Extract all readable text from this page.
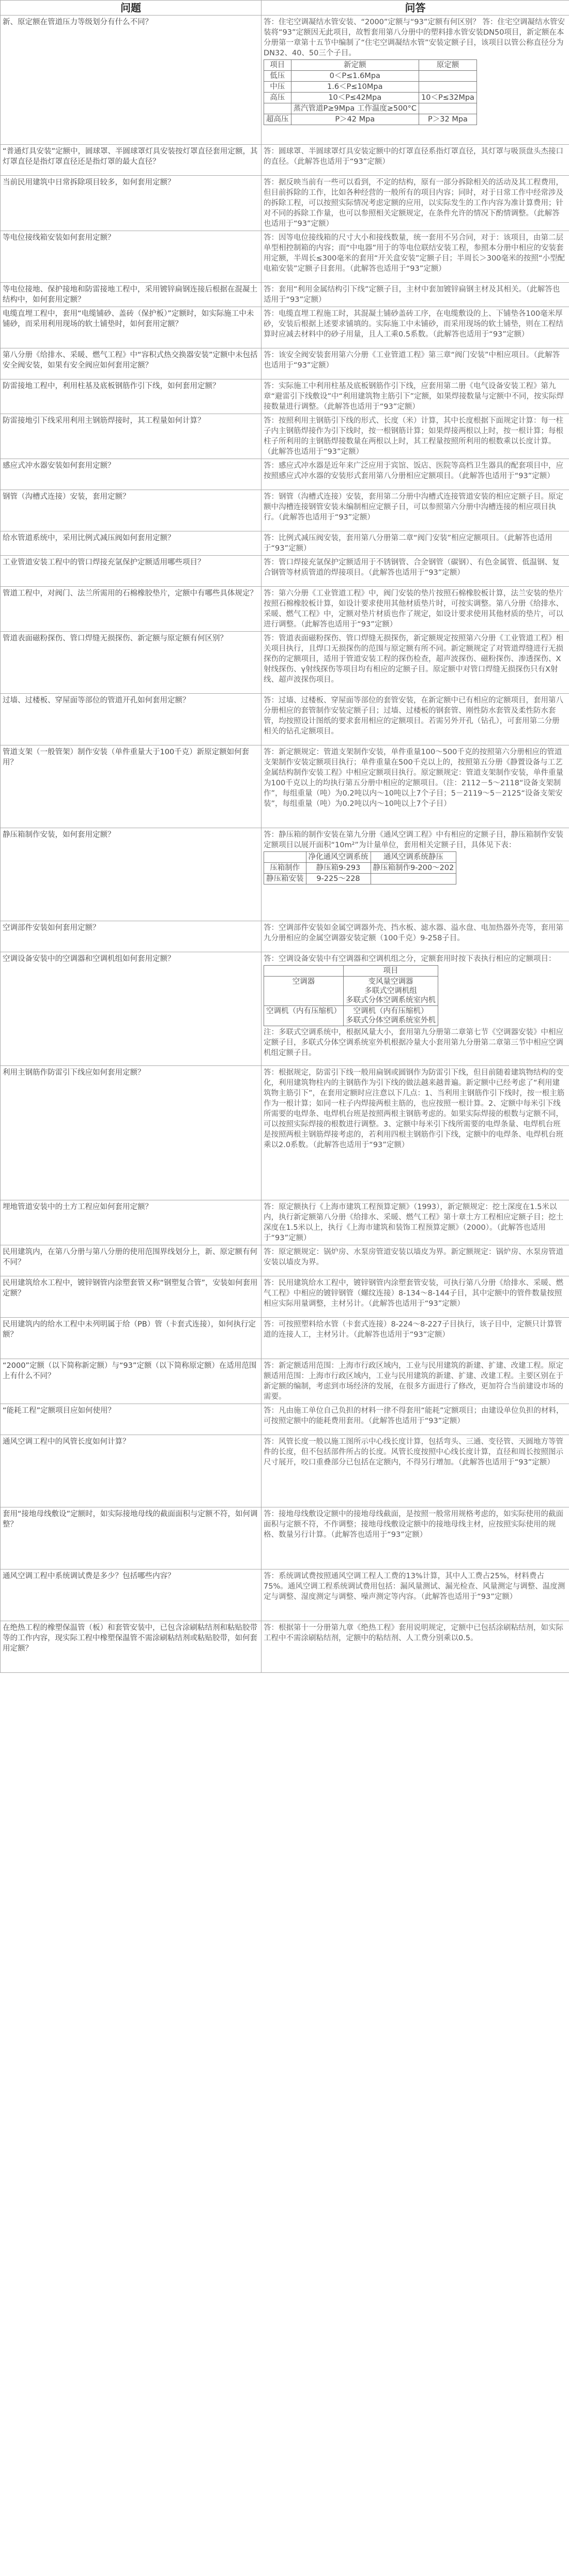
问题	问答
新、原定额在管道压力等级划分有什么不同？	答：住宅空调凝结水管安装、“2000”定额与“93”定额有何区别？ 答：住宅空调凝结水管安装将“93”定额因无此项目，故暂套用第八分册中的塑料排水管安装DN50项目，新定额在本分册第一章第十五节中编制了“住宅空调凝结水管”安装定额子目，该项目以管公称直径分为DN32、40、50三个子目。
项目	新定额	原定额
低压	0＜P≤1.6Mpa	
中压	1.6＜P≤10Mpa	
高压	10＜P≤42Mpa	10＜P≤32Mpa
	蒸汽管道P≥9Mpa 工作温度≥500°C	
超高压	P＞42 Mpa	P＞32 Mpa

“普通灯具安装”定额中，圆球罩、半圆球罩灯具安装按灯罩直径套用定额，其灯罩直径是指灯罩直径还是指灯罩的最大直径？	
答：圆球罩、半圆球罩灯具安装定额中的灯罩直径系指灯罩直径，其灯罩与吸顶盘头杰接口的直径。（此解答也适用于“93”定额）

当前民用建筑中日常拆除项目较多，如何套用定额？	答：据反映当前有一些可以看到，不定的结构，原有一部分拆除相关的活动及其工程费用，但目前拆除的工作，比如各种经营的一般所有的项目内容；同时，对于日常工作中经常涉及的拆除工程，可以按照实际情况考虑定额的应用，以实际发生的工作内容为准计算费用；针对不同的拆除工作量，也可以参照相关定额规定，在条件允许的情况下酌情调整。（此解答也适用于“93”定额）

等电位接线箱安装如何套用定额？	答：因等电位接线箱的尺寸大小和接线数量，统一套用不另合同，对于：该项目，由第二层单型相控制箱的内容；而“中电器”用于的等电位联结安装工程，参照本分册中相应的安装套用定额，半周长≤300毫米的套用“开关盒安装”定额子目；半周长＞300毫米的按照“小型配电箱安装”定额子目套用。（此解答也适用于“93”定额）

等电位接地、保护接地和防雷接地工程中，采用镀锌扁钢连接后根据在混凝土结构中，如何套用定额？	
答：套用“利用金属结构引下线”定额子目，主材中套加镀锌扁钢主材及其相关。（此解答也适用于“93”定额）

电缆直埋工程中，套用“电缆铺砂、盖砖（保护板）”定额时，如实际施工中未铺砂，而采用利用现场的软土铺垫时，如何套用定额？	
答：电缆直埋工程施工时，其混凝土铺砂盖砖工序，在电缆敷设的上、下铺垫各100毫米厚砂，安装后根据上述要求铺填的。实际施工中未铺砂，而采用现场的软土铺垫，则在工程结算时应减去材料中的砂子用量，且人工乘0.5系数。（此解答也适用于“93”定额）

第八分册《给排水、采暖、燃气工程》中“容积式热交换器安装”定额中未包括安全阀安装，如果有安全阀应如何套用定额？	
答：该安全阀安装套用第六分册《工业管道工程》第三章“阀门安装”中相应项目。（此解答也适用于“93”定额）

防雷接地工程中，利用柱基及底板钢筋作引下线，如何套用定额？	答：实际施工中利用柱基及底板钢筋作引下线，应套用第二册《电气设备安装工程》第九章“避雷引下线敷设”中“利用建筑物主筋引下”定额，如果焊接数量与定额中不同，按实际焊接数量进行调整。（此解答也适用于“93”定额）

防雷接地引下线采用利用主钢筋焊接时，其工程量如何计算？	答：按照利用主钢筋引下线的形式、长度（米）计算，其中长度根据下面规定计算：每一柱子内主钢筋焊接作为引下线时，按一根钢筋计算；如果焊接两根以上时，按一根计算；每根柱子所利用的主钢筋焊接数量在两根以上时，其工程量按照所利用的根数乘以长度计算。（此解答也适用于“93”定额）

感应式冲水器安装如何套用定额？	答：感应式冲水器是近年来广泛应用于宾馆、饭店、医院等高档卫生器具的配套项目中，应按照感应式冲水器的安装形式套用第八分册相应定额项目。（此解答也适用于“93”定额）

钢管（沟槽式连接）安装，套用定额？	答：钢管（沟槽式连接）安装，套用第二分册中沟槽式连接管道安装的相应定额子目。原定额中沟槽连接钢管安装未编制相应定额子目，可以参照第六分册中沟槽连接的相应项目执行。（此解答也适用于“93”定额）

给水管道系统中，采用比例式减压阀如何套用定额？	答：比例式减压阀安装，套用第八分册第二章“阀门安装”相应定额项目。（此解答也适用于“93”定额）

工业管道安装工程中的管口焊接充氩保护定额适用哪些项目？	答：管口焊接充氩保护定额适用于不锈钢管、合金钢管（碳钢）、有色金属管、低温钢、复合钢管等材质管道的焊接项目。（此解答也适用于“93”定额）

管道工程中，对阀门、法兰所需用的石棉橡胶垫片，定额中有哪些具体规定？	答：第六分册《工业管道工程》中，阀门安装的垫片按照石棉橡胶板计算，法兰安装的垫片按照石棉橡胶板计算，如设计要求使用其他材质垫片时，可按实调整。第八分册《给排水、采暖、燃气工程》中，定额对垫片材质也作了规定，如设计要求使用其他材质的垫片，可以进行调整。（此解答也适用于“93”定额）

管道表面磁粉探伤、管口焊缝无损探伤、新定额与原定额有何区别？	答：管道表面磁粉探伤、管口焊缝无损探伤，新定额规定按照第六分册《工业管道工程》相关项目执行，且焊口无损探伤的范围与原定额有所不同。新定额规定了对管道焊缝进行无损探伤的定额项目，适用于管道安装工程的探伤检查，超声波探伤、磁粉探伤、渗透探伤、X射线探伤、γ射线探伤等项目均有相应的定额子目。原定额中对管口焊缝无损探伤只有X射线、超声波探伤项目。

过墙、过楼板、穿屋面等部位的管道开孔如何套用定额？	答：过墙、过楼板、穿屋面等部位的套管安装，在新定额中已有相应的定额项目，套用第八分册相应的套管制作安装定额子目；过墙、过楼板的钢套管、刚性防水套管及柔性防水套管，均按照设计图纸的要求套用相应的定额项目。若需另外开孔（钻孔），可套用第二分册相关的钻孔定额项目。

管道支架（一般管架）制作安装（单件重量大于100千克）新原定额如何套用？	
答：新定额规定：管道支架制作安装，单件重量100～500千克的按照第六分册相应的管道支架制作安装定额项目执行；单件重量在500千克以上的，按照第五分册《静置设备与工艺金属结构制作安装工程》中相应定额项目执行。原定额规定：管道支架制作安装，单件重量为100千克以上的均执行第五分册中相应的定额项目。（注：2112－5～2118“设备支架制作”，每组重量（吨）为0.2吨以内～10吨以上7个子目；5－2119～5－2125“设备支架安装”，每组重量（吨）为0.2吨以内～10吨以上7个子目）

静压箱制作安装，如何套用定额？	答：静压箱的制作安装在第九分册《通风空调工程》中有相应的定额子目，静压箱制作安装定额项目以展开面积“10m²”为计量单位，套用相关定额子目，具体见下表：
	净化通风空调系统	通风空调系统静压
压箱制作	静压箱9-293	静压箱制作9-200～202
静压箱安装	9-225～228	

空调部件安装如何套用定额？	答：空调部件安装如金属空调器外壳、挡水板、滤水器、溢水盘、电加热器外壳等，套用第九分册相应的金属空调器安装定额（100千克）9-258子目。

空调设备安装中的空调器和空调机组如何套用定额？	答：空调设备安装中有空调器和空调机组之分，定额套用时按下表执行相应的定额项目：
	项目
空调器	变风量空调器
多联式空调机组
多联式分体空调系统室内机
空调机（内有压缩机）	空调机（内有压缩机）
多联式分体空调系统室外机
注：多联式空调系统中，根据风量大小，套用第九分册第二章第七节《空调器安装》中相应定额子目，多联式分体空调系统室外机根据冷量大小套用第九分册第二章第三节中相应空调机组定额子目。

利用主钢筋作防雷引下线应如何套用定额？	答：根据规定，防雷引下线一般用扁钢或圆钢作为防雷引下线，但目前随着建筑物结构的变化，利用建筑物柱内的主钢筋作为引下线的做法越来越普遍。新定额中已经考虑了“利用建筑物主筋引下”，在套用定额时应注意以下几点：1、当利用主钢筋作引下线时，按一根主筋作为一根计算；如同一柱子内焊接两根主筋的，也应按照一根计算。2、定额中每米引下线所需要的电焊条、电焊机台班是按照两根主钢筋考虑的。如果实际焊接的根数与定额不同，可以按照实际焊接的根数进行调整。3、定额中每米引下线所需要的电焊条量、电焊机台班是按照两根主钢筋焊接考虑的，若利用四根主钢筋作引下线，定额中的电焊条、电焊机台班乘以2.0系数。（此解答也适用于“93”定额）

埋地管道安装中的土方工程应如何套用定额？	答：原定额执行《上海市建筑工程预算定额》（1993），新定额规定：挖土深度在1.5米以内，执行新定额第八分册《给排水、采暖、燃气工程》第十章土方工程相应定额子目；挖土深度在1.5米以上，执行《上海市建筑和装饰工程预算定额》（2000）。（此解答也适用于“93”定额）

民用建筑内，在第八分册与第八分册的使用范围界线划分上，新、原定额有何不同？	
答：原定额规定：锅炉房、水泵房管道安装以墙皮为界。新定额规定：锅炉房、水泵房管道安装以墙皮为界。

民用建筑给水工程中，镀锌钢管内涂塑套管又称“钢塑复合管”，安装如何套用定额？	
答：民用建筑给水工程中，镀锌钢管内涂塑套管安装，可执行第八分册《给排水、采暖、燃气工程》中相应的镀锌钢管（螺纹连接）8-134～8-144子目，其中定额中的管件数量按照相应实际用量调整，主材另计。（此解答也适用于“93”定额）

民用建筑内的给水工程中未列明属于给（PB）管（卡套式连接），如何执行定额？	
答：可按照塑料给水管（卡套式连接）8-224～8-227子目执行，该子目中，定额只计算管道的连接人工，主材另计。（此解答也适用于“93”定额）

“2000”定额（以下简称新定额）与“93”定额（以下简称原定额）在适用范围上有什么不同？	
答：新定额适用范围：上海市行政区域内，工业与民用建筑的新建、扩建、改建工程。原定额适用范围：上海市行政区域内，工业与民用建筑的新建、扩建、改建工程。主要区别在于新定额的编制，考虑到市场经济的发展，在很多方面进行了修改，更加符合当前建设市场的需要。

“能耗工程”定额项目应如何使用？	答：凡由施工单位自己负担的材料一律不得套用“能耗”定额项目；由建设单位负担的材料，可按照定额中的能耗费用套用。（此解答也适用于“93”定额）

通风空调工程中的风管长度如何计算？	答：风管长度一般以施工图所示中心线长度计算，包括弯头、三通、变径管、天圆地方等管件的长度，但不包括部件所占的长度。风管长度按照中心线长度计算，直径和周长按照图示尺寸展开，咬口重叠部分已包括在定额内，不得另行增加。（此解答也适用于“93”定额）

套用“接地母线敷设”定额时，如实际接地母线的截面面积与定额不符，如何调整？	
答：接地母线敷设定额中的接地母线截面，是按照一般常用规格考虑的，如实际使用的截面面积与定额不符，不作调整；接地母线敷设定额中的接地母线主材，应按照实际使用的规格、数量另行计算。（此解答也适用于“93”定额）

通风空调工程中系统调试费是多少？包括哪些内容？	答：系统调试费按照通风空调工程人工费的13%计算，其中人工费占25%，材料费占75%。通风空调工程系统调试费用包括：漏风量测试、漏光检查、风量测定与调整、温度测定与调整、湿度测定与调整、噪声测定等内容。（此解答也适用于“93”定额）

在绝热工程的橡塑保温管（板）和套管安装中，已包含涂刷粘结剂和粘贴胶带等的工作内容，现实际工程中橡塑保温管不需涂刷粘结剂或粘贴胶带，如何套用定额？	
答：根据第十一分册第九章《绝热工程》套用说明规定，定额中已包括涂刷粘结剂，如实际工程中不需涂刷粘结剂，定额中的粘结剂、人工费分别乘以0.5。
